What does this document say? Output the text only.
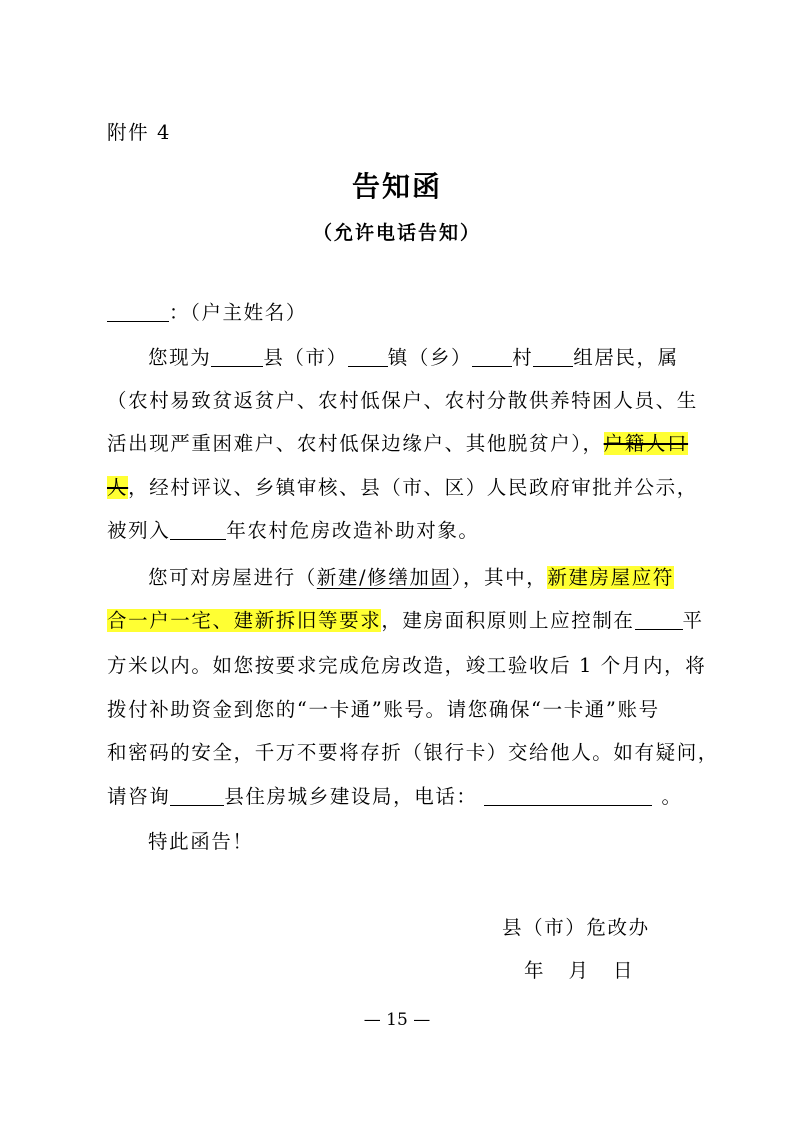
附件 4
告知函
（允许电话告知）
：（户主姓名）
您现为	县（市） 镇（乡） 村 组居民，属
（农村易致贫返贫户、农村低保户、农村分散供养特困人员、生
活出现严重困难户、农村低保边缘户、其他脱贫户），户籍人口
人，经村评议、乡镇审核、县（市、区）人民政府审批并公示，
被列入	年农村危房改造补助对象。
您可对房屋进行（新建/修缮加固），其中，新建房屋应符
合一户一宅、建新拆旧等要求，建房面积原则上应控制在 平
方米以内。如您按要求完成危房改造，竣工验收后 1 个月内，将
拨付补助资金到您的“一卡通”账号。请您确保“一卡通”账号
和密码的安全，千万不要将存折（银行卡）交给他人。如有疑问，
请咨询	县住房城乡建设局，电话：	。
特此函告！
县（市）危改办
年   月   日
— 15 —
